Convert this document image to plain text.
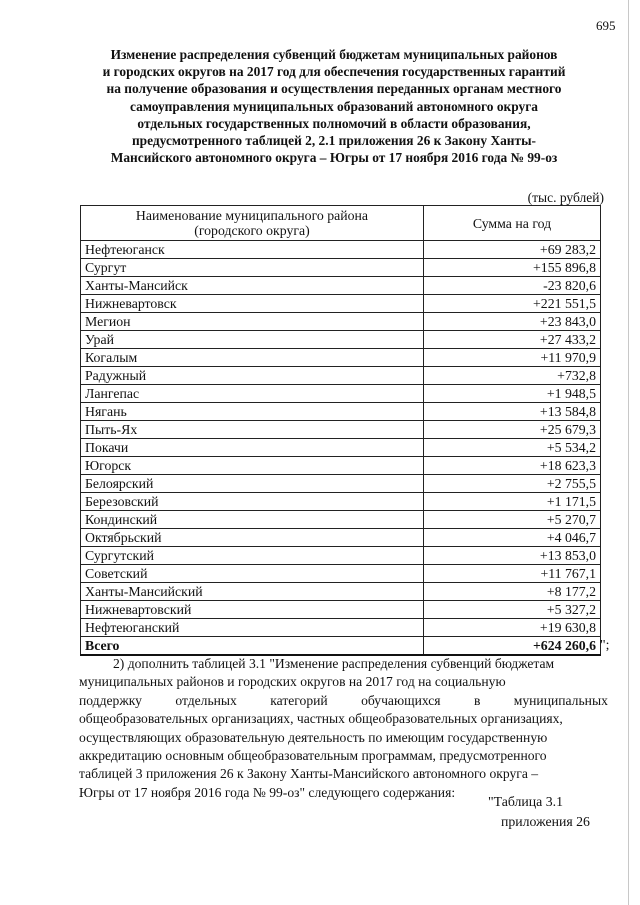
695
Изменение распределения субвенций бюджетам муниципальных районов
и городских округов на 2017 год для обеспечения государственных гарантий
на получение образования и осуществления переданных органам местного
самоуправления муниципальных образований автономного округа
отдельных государственных полномочий в области образования,
предусмотренного таблицей 2, 2.1 приложения 26 к Закону Ханты-
Мансийского автономного округа – Югры от 17 ноября 2016 года № 99-оз
(тыс. рублей)
Наименование муниципального района
(городского округа)	Сумма на год
Нефтеюганск	+69 283,2
Сургут	+155 896,8
Ханты-Мансийск	-23 820,6
Нижневартовск	+221 551,5
Мегион	+23 843,0
Урай	+27 433,2
Когалым	+11 970,9
Радужный	+732,8
Лангепас	+1 948,5
Нягань	+13 584,8
Пыть-Ях	+25 679,3
Покачи	+5 534,2
Югорск	+18 623,3
Белоярский	+2 755,5
Березовский	+1 171,5
Кондинский	+5 270,7
Октябрьский	+4 046,7
Сургутский	+13 853,0
Советский	+11 767,1
Ханты-Мансийский	+8 177,2
Нижневартовский	+5 327,2
Нефтеюганский	+19 630,8
Всего	+624 260,6 ";
2) дополнить таблицей 3.1 "Изменение распределения субвенций бюджетам
муниципальных районов и городских округов на 2017 год на социальную
поддержку отдельных категорий обучающихся в муниципальных
общеобразовательных организациях, частных общеобразовательных организациях,
осуществляющих образовательную деятельность по имеющим государственную
аккредитацию основным общеобразовательным программам, предусмотренного
таблицей 3 приложения 26 к Закону Ханты-Мансийского автономного округа –
Югры от 17 ноября 2016 года № 99-оз" следующего содержания:
"Таблица 3.1
приложения 26
